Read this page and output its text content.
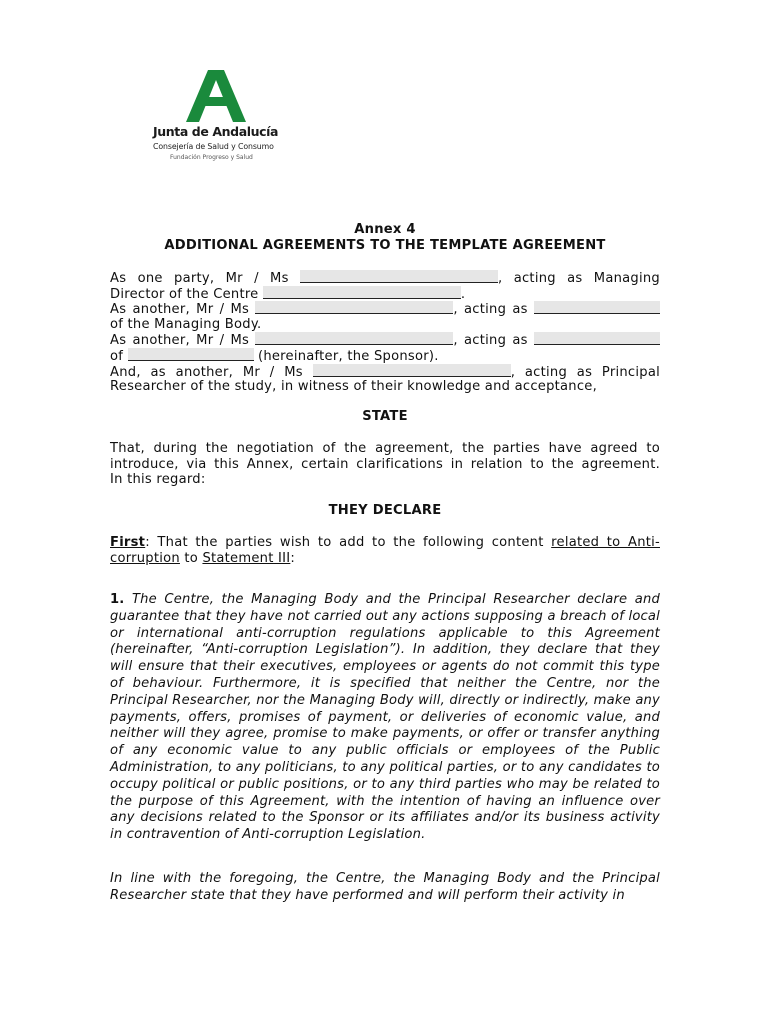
Junta de Andalucía
Consejería de Salud y Consumo
Fundación Progreso y Salud
Annex 4
ADDITIONAL AGREEMENTS TO THE TEMPLATE AGREEMENT
As one party, Mr / Ms	, acting as Managing
Director of the Centre	.
As another, Mr / Ms	, acting as
of the Managing Body.
As another, Mr / Ms	, acting as
of	(hereinafter, the Sponsor).
And, as another, Mr / Ms	, acting as Principal
Researcher of the study, in witness of their knowledge and acceptance,
STATE
That, during the negotiation of the agreement, the parties have agreed to
introduce, via this Annex, certain clarifications in relation to the agreement.
In this regard:
THEY DECLARE
First: That the parties wish to add to the following content related to Anti-
corruption to Statement III:
1. The Centre, the Managing Body and the Principal Researcher declare and guarantee that they have not carried out any actions supposing a breach of local or international anti-corruption regulations applicable to this Agreement (hereinafter, “Anti-corruption Legislation”). In addition, they declare that they will ensure that their executives, employees or agents do not commit this type of behaviour. Furthermore, it is specified that neither the Centre, nor the Principal Researcher, nor the Managing Body will, directly or indirectly, make any payments, offers, promises of payment, or deliveries of economic value, and neither will they agree, promise to make payments, or offer or transfer anything of any economic value to any public officials or employees of the Public Administration, to any politicians, to any political parties, or to any candidates to occupy political or public positions, or to any third parties who may be related to the purpose of this Agreement, with the intention of having an influence over any decisions related to the Sponsor or its affiliates and/or its business activity in contravention of Anti-corruption Legislation.
In line with the foregoing, the Centre, the Managing Body and the Principal Researcher state that they have performed and will perform their activity in
